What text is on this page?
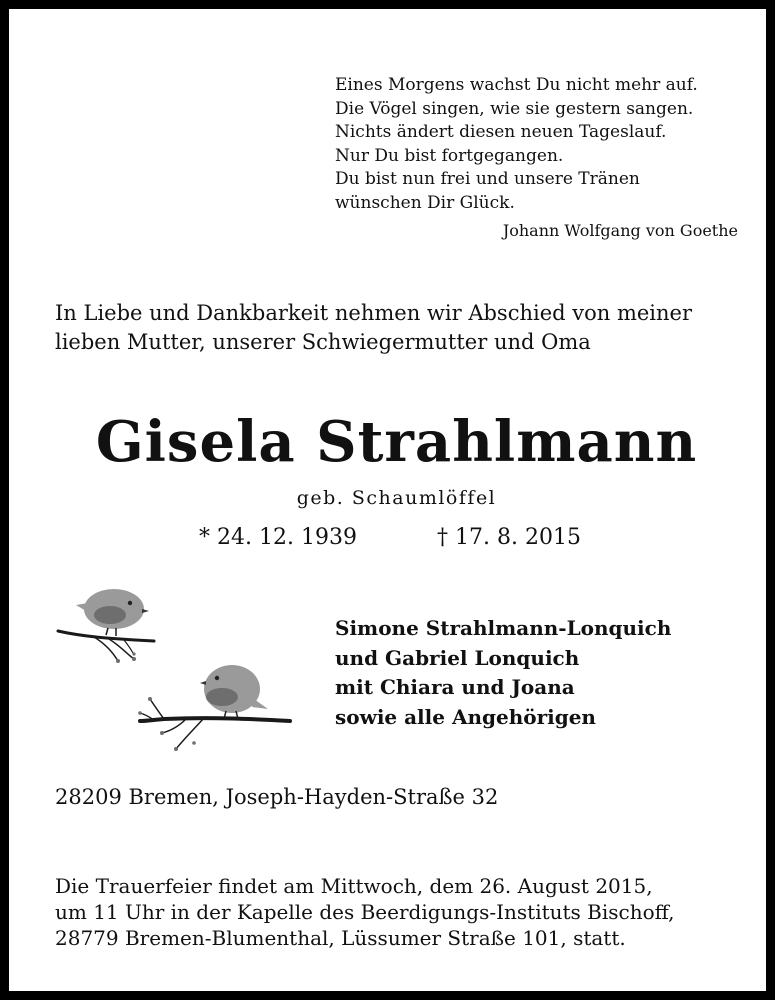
Eines Morgens wachst Du nicht mehr auf.
Die Vögel singen, wie sie gestern sangen.
Nichts ändert diesen neuen Tageslauf.
Nur Du bist fortgegangen.
Du bist nun frei und unsere Tränen
wünschen Dir Glück.
Johann Wolfgang von Goethe
In Liebe und Dankbarkeit nehmen wir Abschied von meiner
lieben Mutter, unserer Schwiegermutter und Oma
Gisela Strahlmann
geb. Schaumlöffel
* 24. 12. 1939	† 17. 8. 2015
Simone Strahlmann-Lonquich
und Gabriel Lonquich
mit Chiara und Joana
sowie alle Angehörigen
28209 Bremen, Joseph-Hayden-Straße 32
Die Trauerfeier findet am Mittwoch, dem 26. August 2015,
um 11 Uhr in der Kapelle des Beerdigungs-Instituts Bischoff,
28779 Bremen-Blumenthal, Lüssumer Straße 101, statt.
